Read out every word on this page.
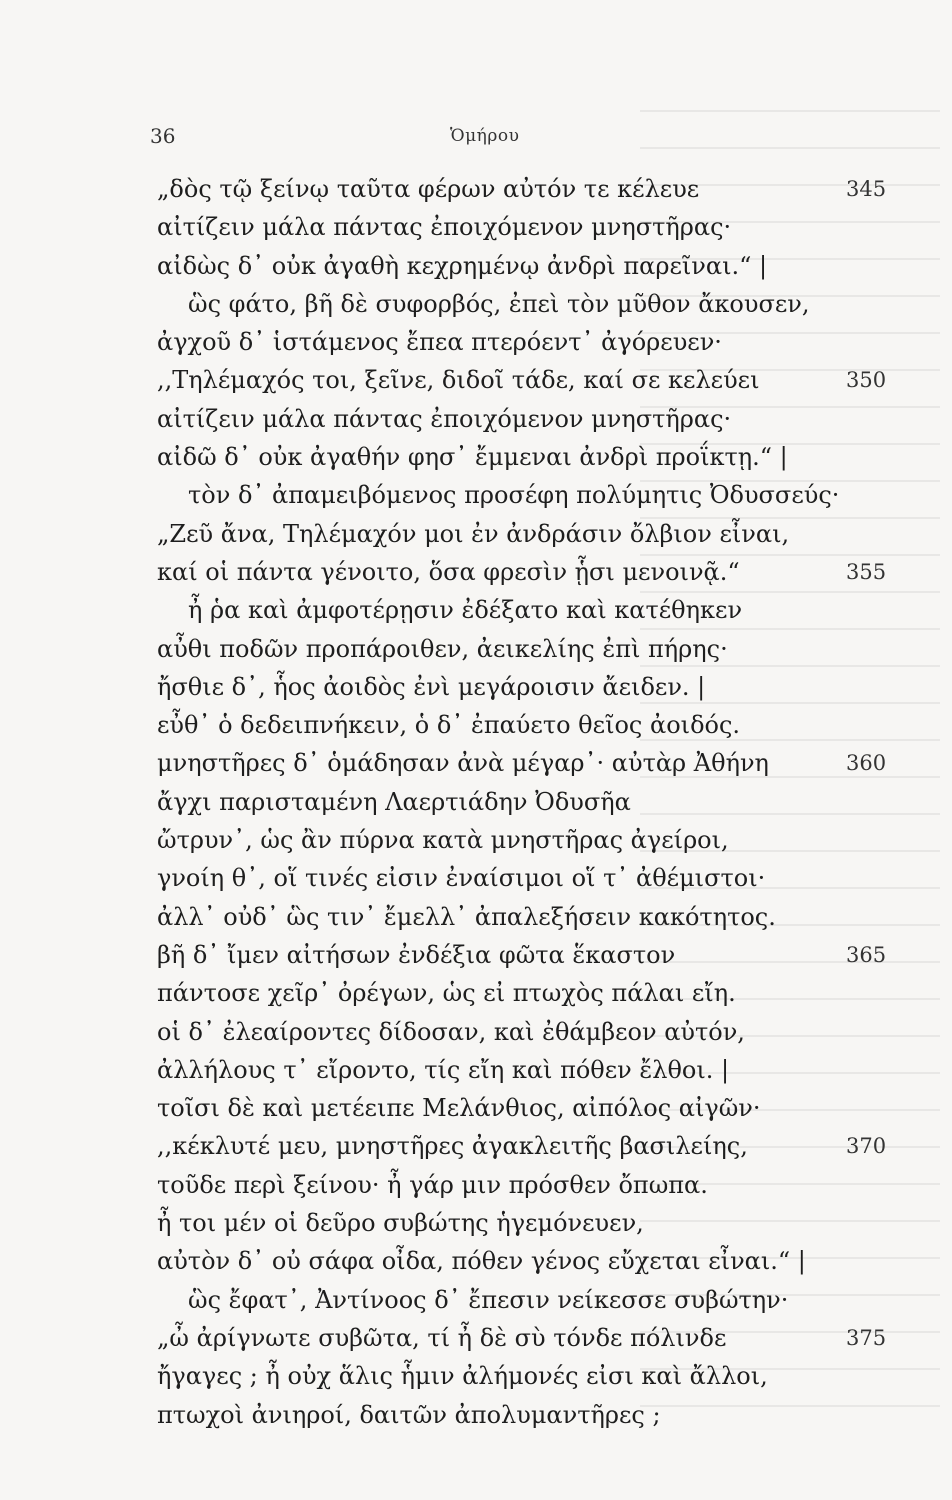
36	Ὁμήρου
„δὸς τῷ ξείνῳ ταῦτα φέρων αὐτόν τε κέλευε	345
αἰτίζειν μάλα πάντας ἐποιχόμενον μνηστῆρας·
αἰδὼς δ᾽ οὐκ ἀγαθὴ κεχρημένῳ ἀνδρὶ παρεῖναι.“ |
ὣς φάτο, βῆ δὲ συφορβός, ἐπεὶ τὸν μῦθον ἄκουσεν,
ἀγχοῦ δ᾽ ἱστάμενος ἔπεα πτερόεντ᾽ ἀγόρευεν·
,,Τηλέμαχός τοι, ξεῖνε, διδοῖ τάδε, καί σε κελεύει	350
αἰτίζειν μάλα πάντας ἐποιχόμενον μνηστῆρας·
αἰδῶ δ᾽ οὐκ ἀγαθήν φησ᾽ ἔμμεναι ἀνδρὶ προΐκτῃ.“ |
τὸν δ᾽ ἀπαμειβόμενος προσέφη πολύμητις Ὀδυσσεύς·
„Ζεῦ ἄνα, Τηλέμαχόν μοι ἐν ἀνδράσιν ὄλβιον εἶναι,
καί οἱ πάντα γένοιτο, ὅσα φρεσὶν ᾗσι μενοινᾷ.“	355
ἦ ῥα καὶ ἀμφοτέρῃσιν ἐδέξατο καὶ κατέθηκεν
αὖθι ποδῶν προπάροιθεν, ἀεικελίης ἐπὶ πήρης·
ἤσθιε δ᾽, ἧος ἀοιδὸς ἐνὶ μεγάροισιν ἄειδεν. |
εὖθ᾽ ὁ δεδειπνήκειν, ὁ δ᾽ ἐπαύετο θεῖος ἀοιδός.
μνηστῆρες δ᾽ ὁμάδησαν ἀνὰ μέγαρ᾽· αὐτὰρ Ἀθήνη	360
ἄγχι παρισταμένη Λαερτιάδην Ὀδυσῆα
ὤτρυν᾽, ὡς ἂν πύρνα κατὰ μνηστῆρας ἀγείροι,
γνοίη θ᾽, οἵ τινές εἰσιν ἐναίσιμοι οἵ τ᾽ ἀθέμιστοι·
ἀλλ᾽ οὐδ᾽ ὣς τιν᾽ ἔμελλ᾽ ἀπαλεξήσειν κακότητος.
βῆ δ᾽ ἴμεν αἰτήσων ἐνδέξια φῶτα ἕκαστον	365
πάντοσε χεῖρ᾽ ὀρέγων, ὡς εἰ πτωχὸς πάλαι εἴη.
οἱ δ᾽ ἐλεαίροντες δίδοσαν, καὶ ἐθάμβεον αὐτόν,
ἀλλήλους τ᾽ εἴροντο, τίς εἴη καὶ πόθεν ἔλθοι. |
τοῖσι δὲ καὶ μετέειπε Μελάνθιος, αἰπόλος αἰγῶν·
,,κέκλυτέ μευ, μνηστῆρες ἀγακλειτῆς βασιλείης,	370
τοῦδε περὶ ξείνου· ἦ γάρ μιν πρόσθεν ὄπωπα.
ἦ τοι μέν οἱ δεῦρο συβώτης ἡγεμόνευεν,
αὐτὸν δ᾽ οὐ σάφα οἶδα, πόθεν γένος εὔχεται εἶναι.“ |
ὣς ἔφατ᾽, Ἀντίνοος δ᾽ ἔπεσιν νείκεσσε συβώτην·
„ὦ ἀρίγνωτε συβῶτα, τί ἦ δὲ σὺ τόνδε πόλινδε	375
ἤγαγες ; ἦ οὐχ ἅλις ἧμιν ἀλήμονές εἰσι καὶ ἄλλοι,
πτωχοὶ ἀνιηροί, δαιτῶν ἀπολυμαντῆρες ;
